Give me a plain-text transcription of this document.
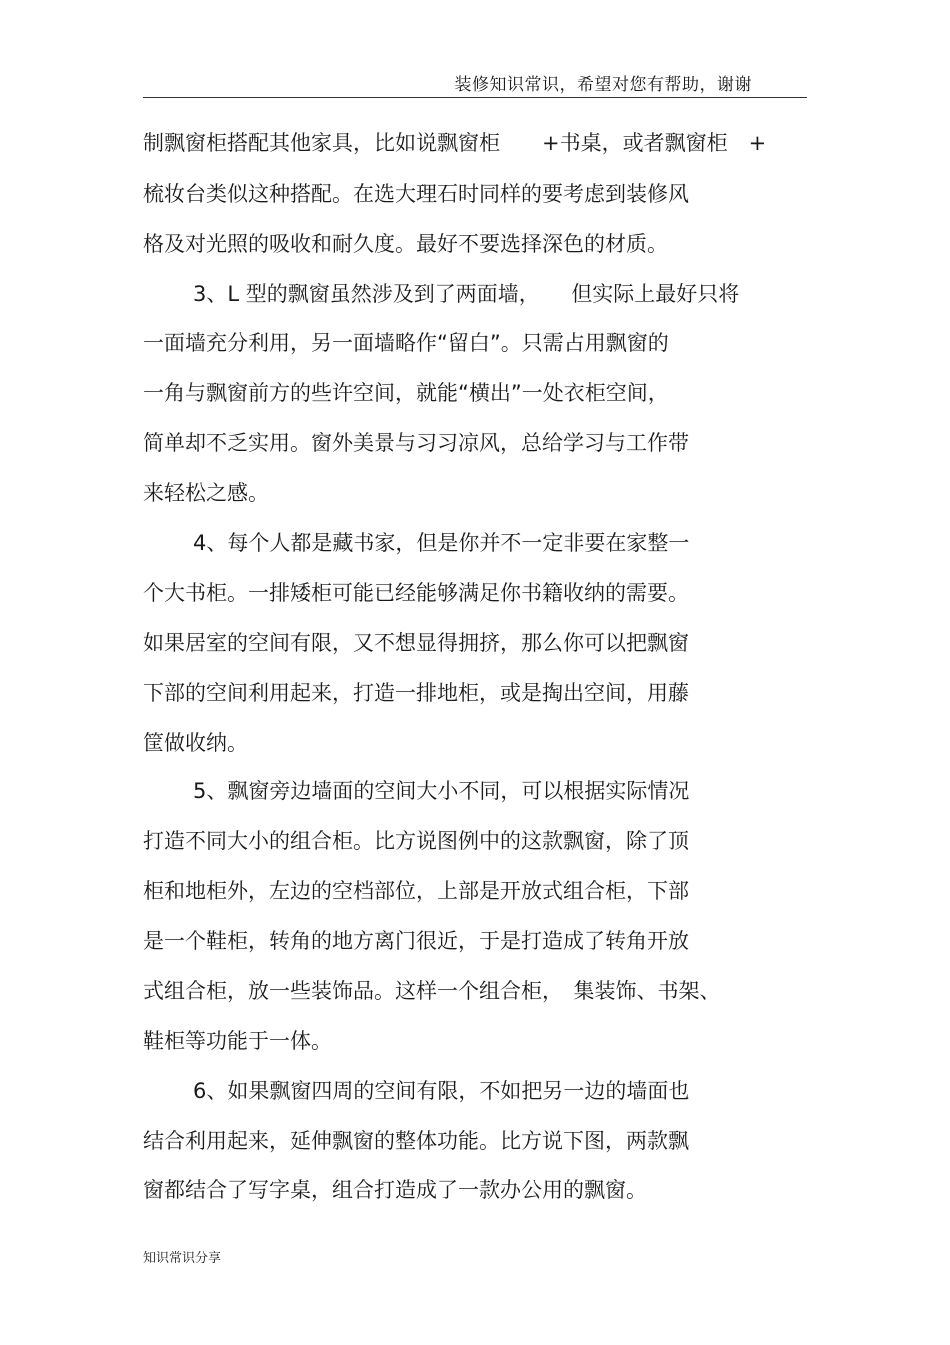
装修知识常识，希望对您有帮助，谢谢
制飘窗柜搭配其他家具，比如说飘窗柜　　+书桌，或者飘窗柜　+
梳妆台类似这种搭配。在选大理石时同样的要考虑到装修风
格及对光照的吸收和耐久度。最好不要选择深色的材质。
3、L 型的飘窗虽然涉及到了两面墙，　　但实际上最好只将
一面墙充分利用，另一面墙略作“留白”。只需占用飘窗的
一角与飘窗前方的些许空间，就能“横出”一处衣柜空间，
简单却不乏实用。窗外美景与习习凉风，总给学习与工作带
来轻松之感。
4、每个人都是藏书家，但是你并不一定非要在家整一
个大书柜。一排矮柜可能已经能够满足你书籍收纳的需要。
如果居室的空间有限，又不想显得拥挤，那么你可以把飘窗
下部的空间利用起来，打造一排地柜，或是掏出空间，用藤
筐做收纳。
5、飘窗旁边墙面的空间大小不同，可以根据实际情况
打造不同大小的组合柜。比方说图例中的这款飘窗，除了顶
柜和地柜外，左边的空档部位，上部是开放式组合柜，下部
是一个鞋柜，转角的地方离门很近，于是打造成了转角开放
式组合柜，放一些装饰品。这样一个组合柜，　集装饰、书架、
鞋柜等功能于一体。
6、如果飘窗四周的空间有限，不如把另一边的墙面也
结合利用起来，延伸飘窗的整体功能。比方说下图，两款飘
窗都结合了写字桌，组合打造成了一款办公用的飘窗。
知识常识分享
